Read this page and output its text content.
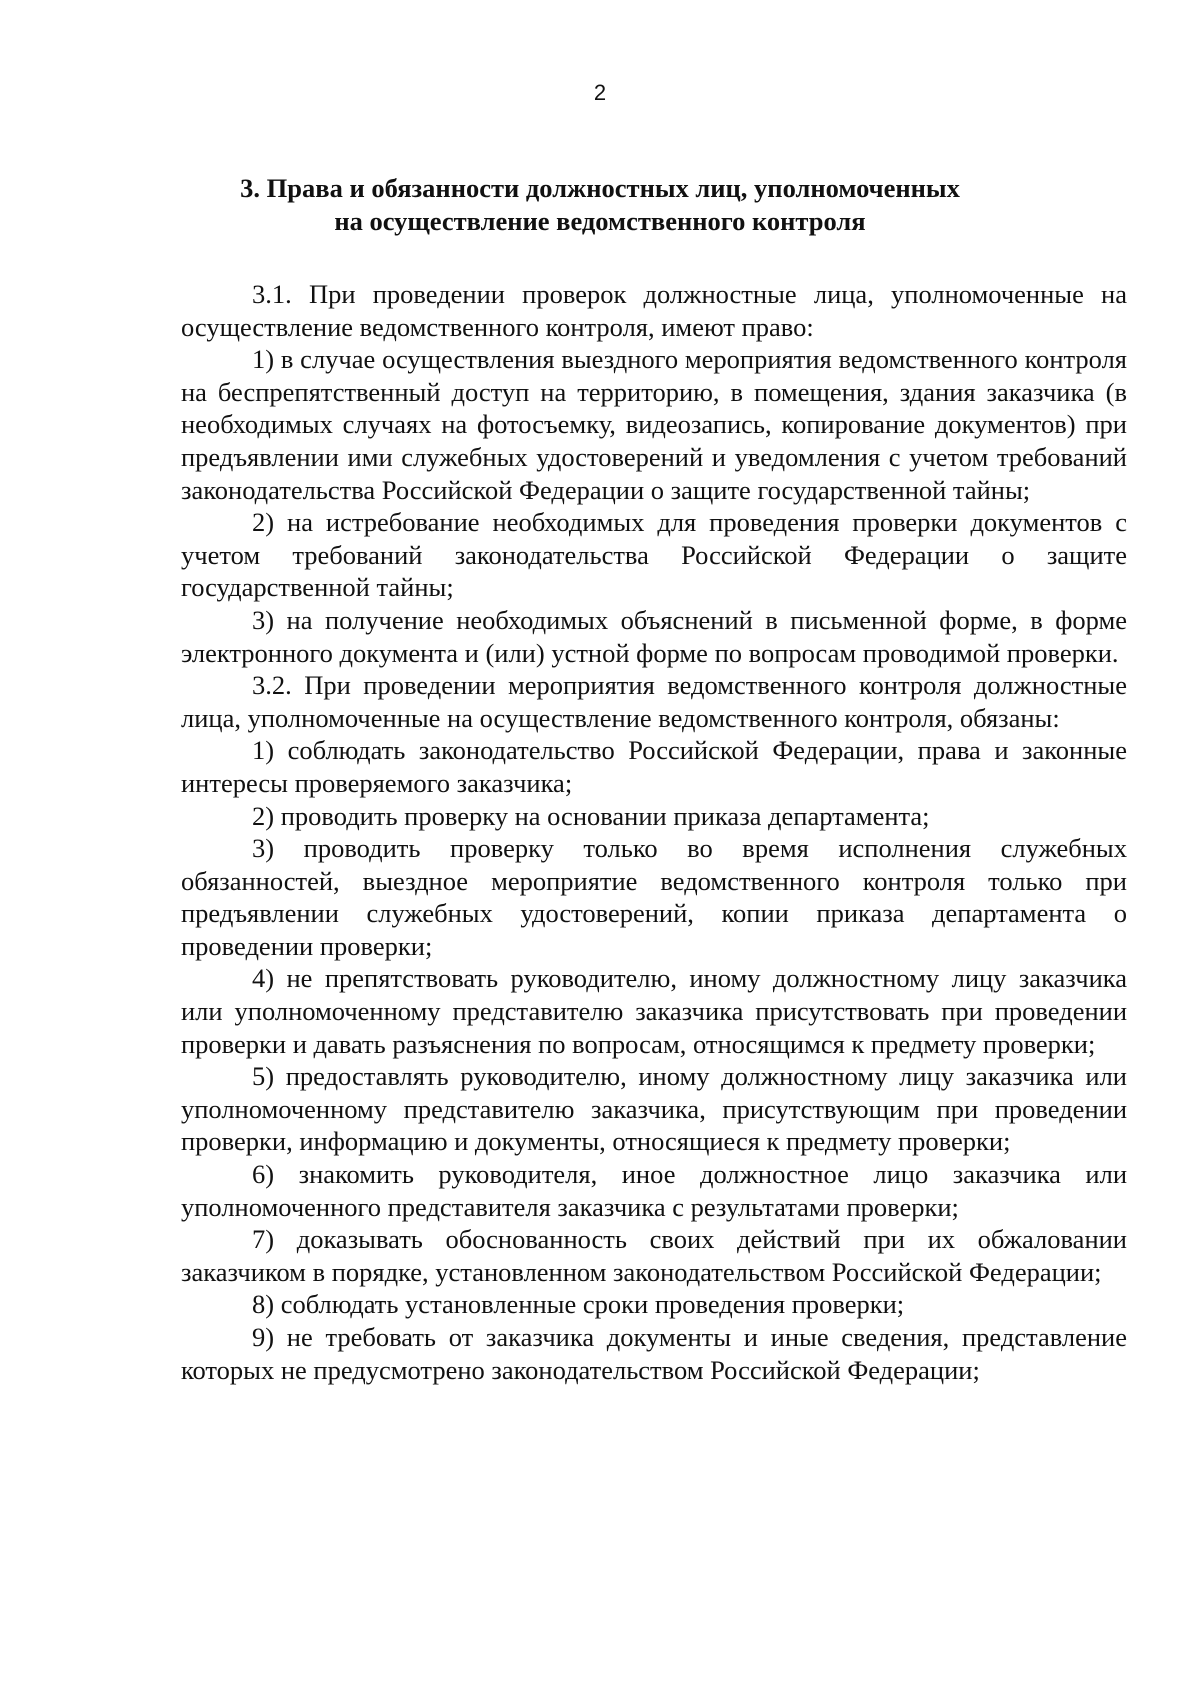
2
3. Права и обязанности должностных лиц, уполномоченных
на осуществление ведомственного контроля

3.1. При проведении проверок должностные лица, уполномоченные на осуществление ведомственного контроля, имеют право:

1) в случае осуществления выездного мероприятия ведомственного контроля на беспрепятственный доступ на территорию, в помещения, здания заказчика (в необходимых случаях на фотосъемку, видеозапись, копирование документов) при предъявлении ими служебных удостоверений и уведомления с учетом требований законодательства Российской Федерации о защите государственной тайны;

2) на истребование необходимых для проведения проверки документов с учетом требований законодательства Российской Федерации о защите государственной тайны;

3) на получение необходимых объяснений в письменной форме, в форме электронного документа и (или) устной форме по вопросам проводимой проверки.

3.2. При проведении мероприятия ведомственного контроля должностные лица, уполномоченные на осуществление ведомственного контроля, обязаны:

1) соблюдать законодательство Российской Федерации, права и законные интересы проверяемого заказчика;

2) проводить проверку на основании приказа департамента;

3) проводить проверку только во время исполнения служебных обязанностей, выездное мероприятие ведомственного контроля только при предъявлении служебных удостоверений, копии приказа департамента о проведении проверки;

4) не препятствовать руководителю, иному должностному лицу заказчика или уполномоченному представителю заказчика присутствовать при проведении проверки и давать разъяснения по вопросам, относящимся к предмету проверки;

5) предоставлять руководителю, иному должностному лицу заказчика или уполномоченному представителю заказчика, присутствующим при проведении проверки, информацию и документы, относящиеся к предмету проверки;

6) знакомить руководителя, иное должностное лицо заказчика или уполномоченного представителя заказчика с результатами проверки;

7) доказывать обоснованность своих действий при их обжаловании заказчиком в порядке, установленном законодательством Российской Федерации;

8) соблюдать установленные сроки проведения проверки;

9) не требовать от заказчика документы и иные сведения, представление которых не предусмотрено законодательством Российской Федерации;
